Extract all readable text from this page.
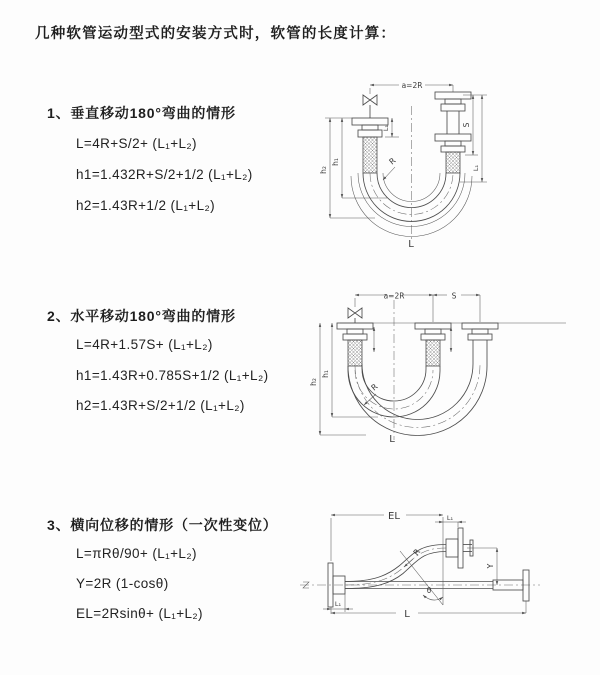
几种软管运动型式的安装方式时，软管的长度计算：
1、垂直移动180°弯曲的情形
L=4R+S/2+ (L₁+L₂)
h1=1.432R+S/2+1/2 (L₁+L₂)
h2=1.43R+1/2 (L₁+L₂)
2、水平移动180°弯曲的情形
L=4R+1.57S+ (L₁+L₂)
h1=1.43R+0.785S+1/2 (L₁+L₂)
h2=1.43R+S/2+1/2 (L₁+L₂)
3、横向位移的情形（一次性变位）
L=πRθ/90+ (L₁+L₂)
Y=2R (1-cosθ)
EL=2Rsinθ+ (L₁+L₂)
a=2R
R
h₂
h₁
L₁	S
L₁
L
a=2R	S
h₂
h₁
R
L
EL	L₁
Y
R
θ
L₁
L
